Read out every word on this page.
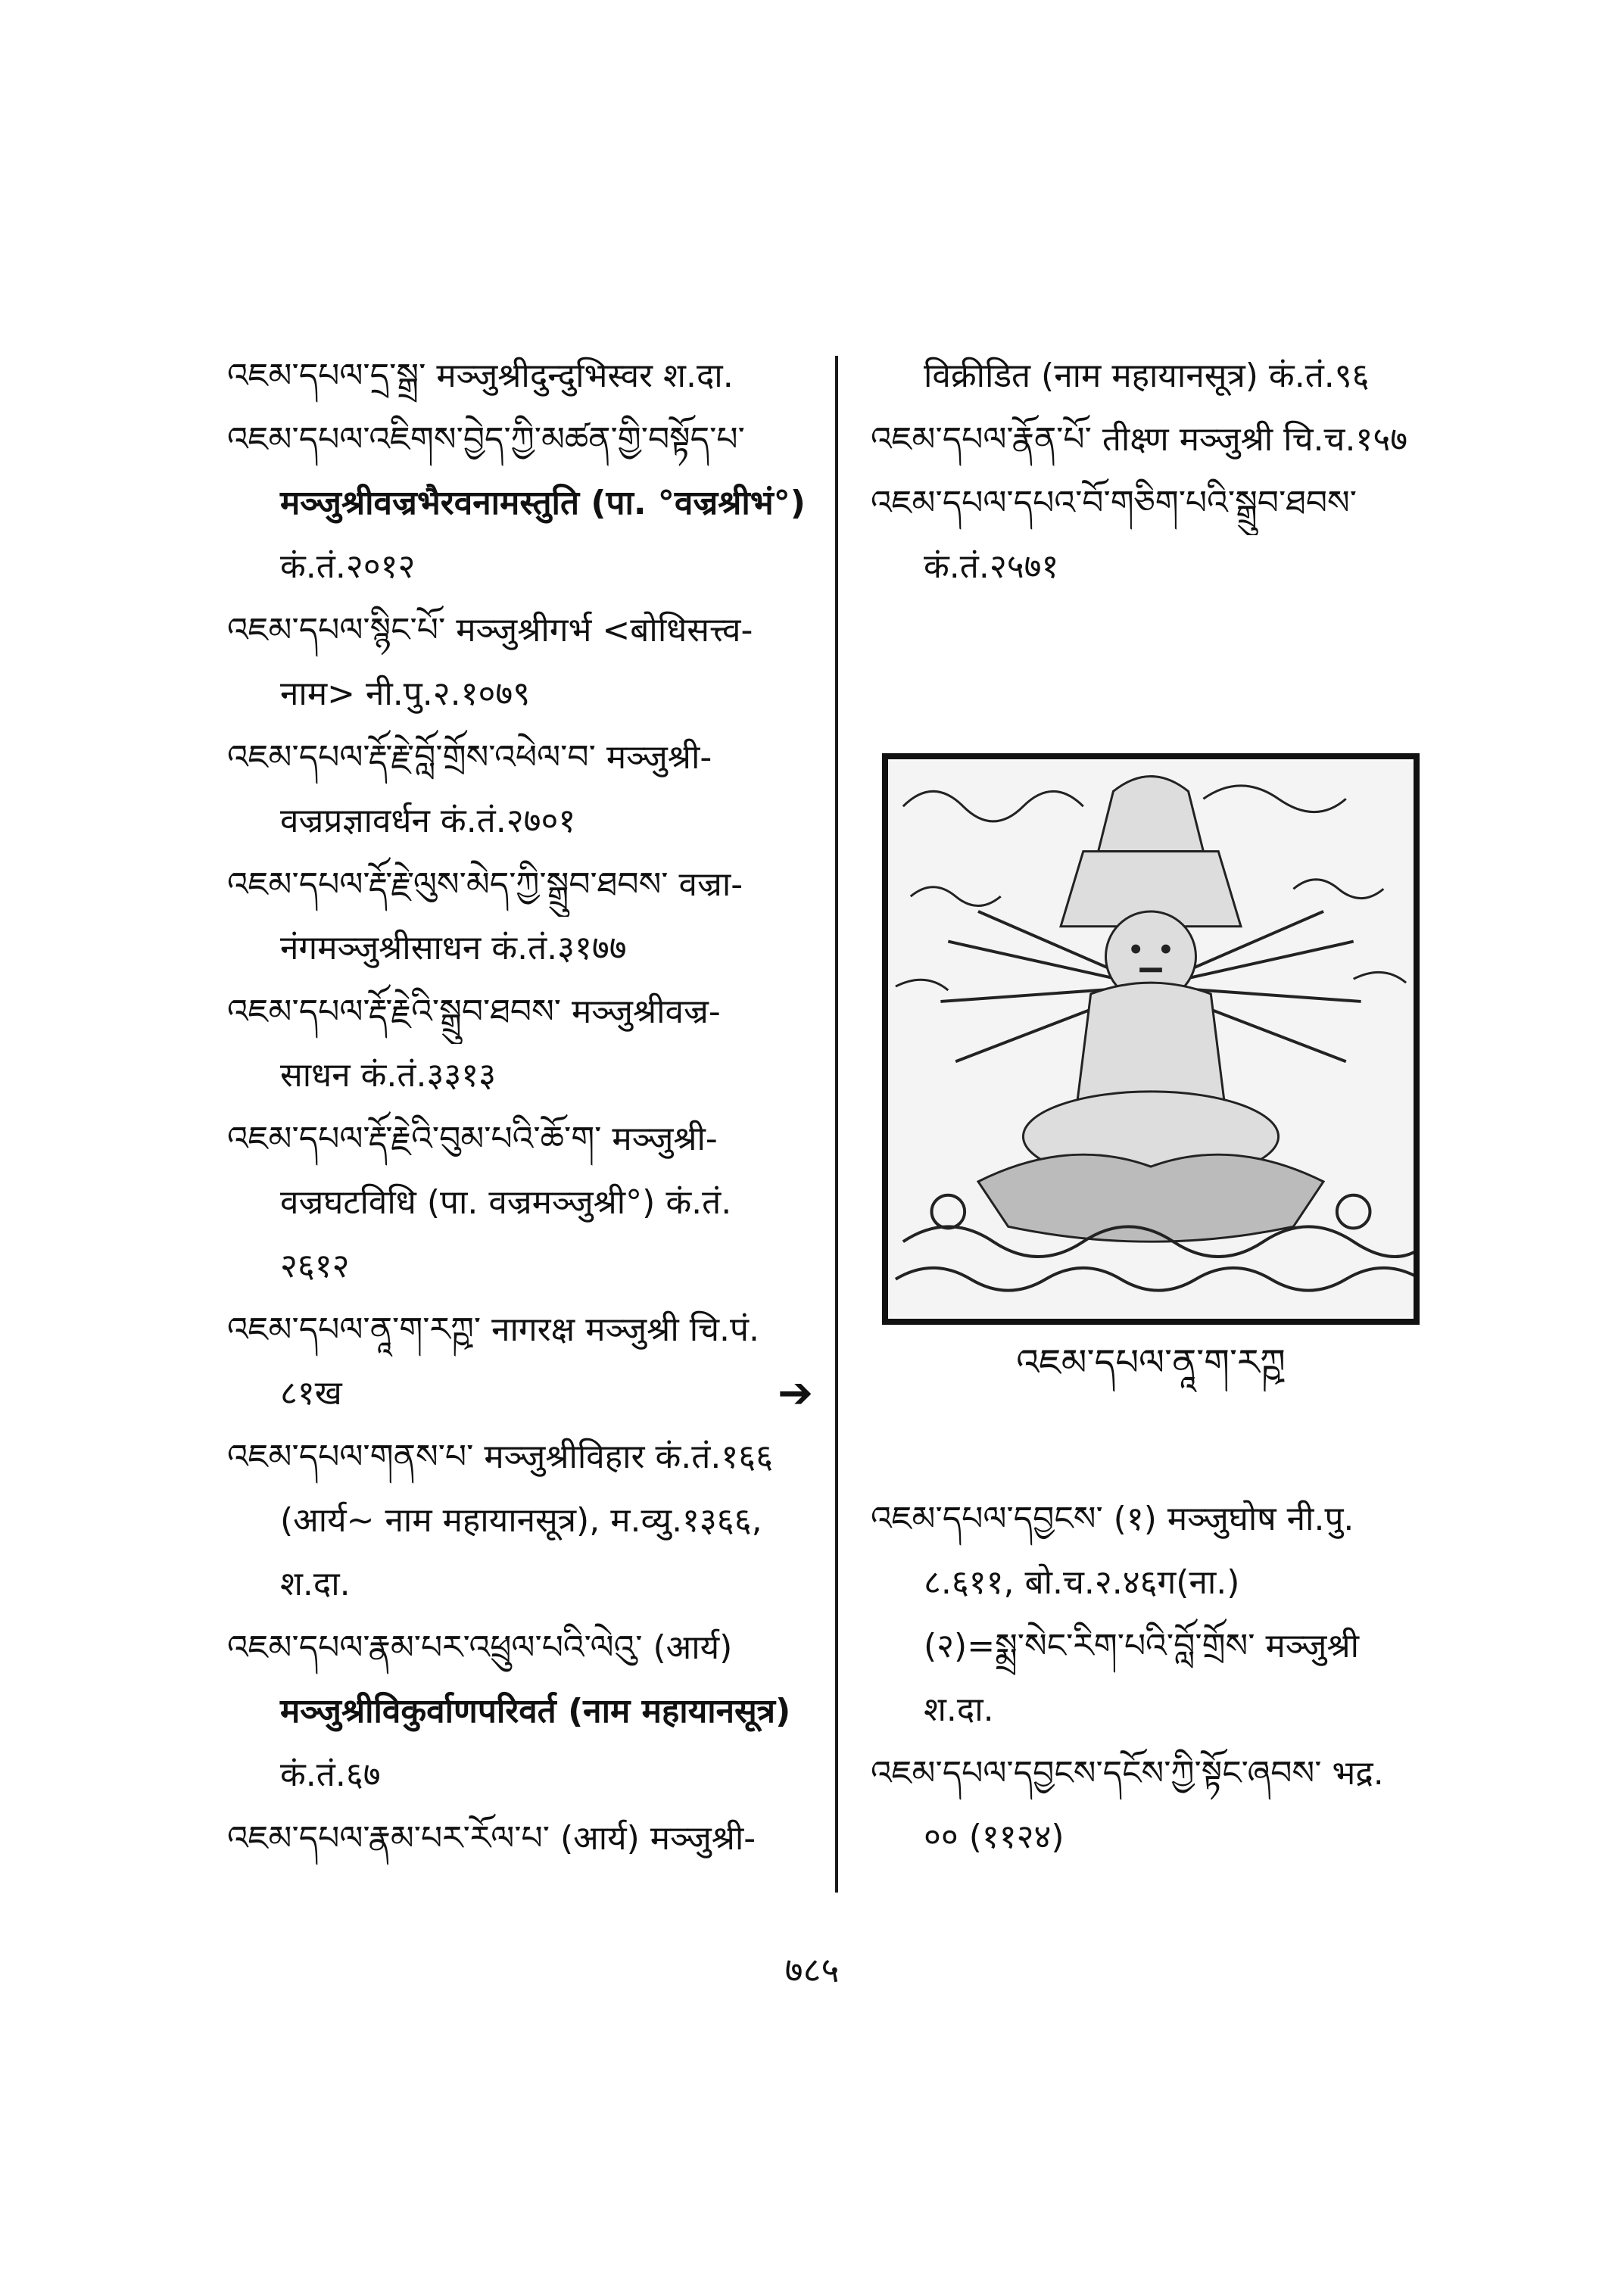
འཇམ་དཔལ་དྲ་སྒྲ་ मञ्जुश्रीदुन्दुभिस्वर श.दा.
འཇམ་དཔལ་འཇིགས་བྱེད་ཀྱི་མཚན་གྱི་བསྟོད་པ་
मञ्जुश्रीवज्रभैरवनामस्तुति (पा. °वज्रश्रीभं°)
कं.तं.२०१२
འཇམ་དཔལ་སྙིང་པོ་ मञ्जुश्रीगर्भ <बोधिसत्त्व-
नाम> नी.पु.२.१०७९
འཇམ་དཔལ་རྡོ་རྗེ་བློ་གྲོས་འཕེལ་བ་ मञ्जुश्री-
वज्रप्रज्ञावर्धन कं.तं.२७०१
འཇམ་དཔལ་རྡོ་རྗེ་ལུས་མེད་ཀྱི་སྒྲུབ་ཐབས་ वज्रा-
नंगमञ्जुश्रीसाधन कं.तं.३१७७
འཇམ་དཔལ་རྡོ་རྗེའི་སྒྲུབ་ཐབས་ मञ्जुश्रीवज्र-
साधन कं.तं.३३१३
འཇམ་དཔལ་རྡོ་རྗེའི་བུམ་པའི་ཆོ་ག་ मञ्जुश्री-
वज्रघटविधि (पा. वज्रमञ्जुश्री°) कं.तं.
२६१२
འཇམ་དཔལ་ནཱ་ག་རཀྵ་ नागरक्ष मञ्जुश्री चि.पं.
८१ख	➔
འཇམ་དཔལ་གནས་པ་ मञ्जुश्रीविहार कं.तं.१६६
(आर्य~ नाम महायानसूत्र), म.व्यु.१३६६,
श.दा.
འཇམ་དཔལ་རྣམ་པར་འཕྲུལ་པའི་ལེའུ་ (आर्य)
मञ्जुश्रीविकुर्वाणपरिवर्त (नाम महायानसूत्र)
कं.तं.६७
འཇམ་དཔལ་རྣམ་པར་རོལ་པ་ (आर्य) मञ्जुश्री-
विक्रीडित (नाम महायानसूत्र) कं.तं.९६
འཇམ་དཔལ་རྣོན་པོ་ तीक्ष्ण मञ्जुश्री चि.च.१५७
འཇམ་དཔལ་དཔའ་བོ་གཅིག་པའི་སྒྲུབ་ཐབས་
कं.तं.२५७१
འཇམ་དཔལ་ནཱ་ག་རཀྵ
འཇམ་དཔལ་དབྱངས་ (१) मञ्जुघोष नी.पु.
८.६११, बो.च.२.४६ग(ना.)
(२)=སྨྲ་སེང་རིག་པའི་བློ་གྲོས་ मञ्जुश्री
श.दा.
འཇམ་དཔལ་དབྱངས་དངོས་ཀྱི་སྟོང་ཞབས་ भद्र.
०० (११२४)
७८५
